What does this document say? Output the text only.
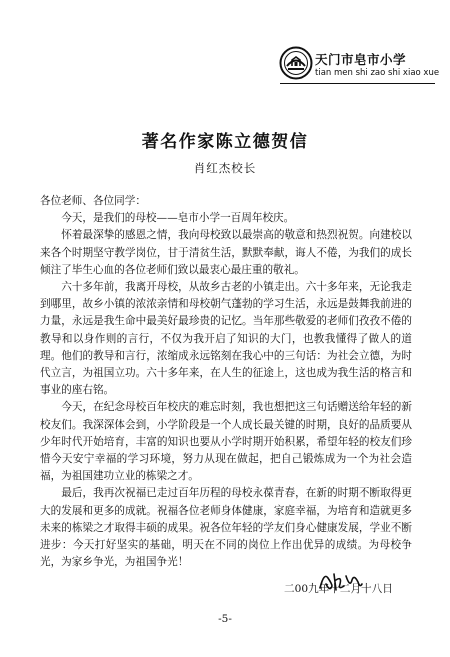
天门市皂市小学
tian men shi zao shi xiao xue
著名作家陈立德贺信
肖红杰校长

各位老师、各位同学：

今天，是我们的母校——皂市小学一百周年校庆。

怀着最深挚的感恩之情，我向母校致以最崇高的敬意和热烈祝贺。向建校以来各个时期坚守教学岗位，甘于清贫生活，默默奉献，诲人不倦，为我们的成长倾注了毕生心血的各位老师们致以最衷心最庄重的敬礼。

六十多年前，我离开母校，从故乡古老的小镇走出。六十多年来，无论我走到哪里，故乡小镇的浓浓亲情和母校朝气蓬勃的学习生活，永远是鼓舞我前进的力量，永远是我生命中最美好最珍贵的记忆。当年那些敬爱的老师们孜孜不倦的教导和以身作则的言行，不仅为我开启了知识的大门，也教我懂得了做人的道理。他们的教导和言行，浓缩成永远铭刻在我心中的三句话：为社会立德，为时代立言，为祖国立功。六十多年来，在人生的征途上，这也成为我生活的格言和事业的座右铭。

今天，在纪念母校百年校庆的难忘时刻，我也想把这三句话赠送给年轻的新校友们。我深深体会到，小学阶段是一个人成长最关键的时期，良好的品质要从少年时代开始培育，丰富的知识也要从小学时期开始积累，希望年轻的校友们珍惜今天安宁幸福的学习环境，努力从现在做起，把自己锻炼成为一个为社会造福，为祖国建功立业的栋梁之才。

最后，我再次祝福已走过百年历程的母校永葆青春，在新的时期不断取得更大的发展和更多的成就。祝福各位老师身体健康，家庭幸福，为培育和造就更多未来的栋梁之才取得丰硕的成果。祝各位年轻的学友们身心健康发展，学业不断进步：今天打好坚实的基础，明天在不同的岗位上作出优异的成绩。为母校争光，为家乡争光，为祖国争光！

二00九年十二月十八日
-5-
